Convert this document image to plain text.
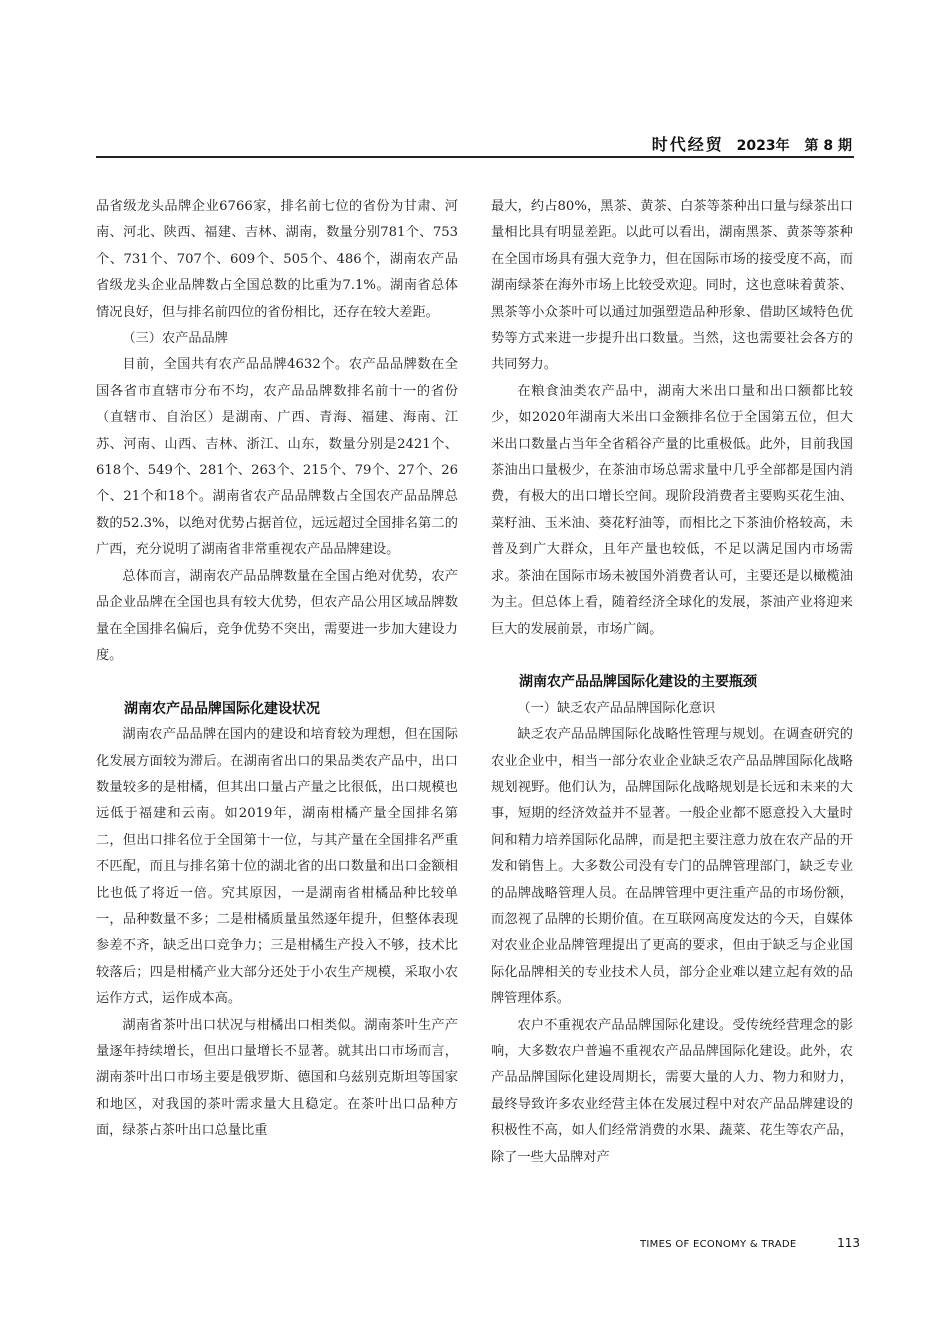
时代经贸 2023年 第 8 期

品省级龙头品牌企业6766家，排名前七位的省份为甘肃、河南、河北、陕西、福建、吉林、湖南，数量分别781个、753个、731个、707个、609个、505个、486个，湖南农产品省级龙头企业品牌数占全国总数的比重为7.1%。湖南省总体情况良好，但与排名前四位的省份相比，还存在较大差距。

（三）农产品品牌

目前，全国共有农产品品牌4632个。农产品品牌数在全国各省市直辖市分布不均，农产品品牌数排名前十一的省份（直辖市、自治区）是湖南、广西、青海、福建、海南、江苏、河南、山西、吉林、浙江、山东，数量分别是2421个、618个、549个、281个、263个、215个、79个、27个、26个、21个和18个。湖南省农产品品牌数占全国农产品品牌总数的52.3%，以绝对优势占据首位，远远超过全国排名第二的广西，充分说明了湖南省非常重视农产品品牌建设。

总体而言，湖南农产品品牌数量在全国占绝对优势，农产品企业品牌在全国也具有较大优势，但农产品公用区域品牌数量在全国排名偏后，竞争优势不突出，需要进一步加大建设力度。

湖南农产品品牌国际化建设状况

湖南农产品品牌在国内的建设和培育较为理想，但在国际化发展方面较为滞后。在湖南省出口的果品类农产品中，出口数量较多的是柑橘，但其出口量占产量之比很低，出口规模也远低于福建和云南。如2019年，湖南柑橘产量全国排名第二，但出口排名位于全国第十一位，与其产量在全国排名严重不匹配，而且与排名第十位的湖北省的出口数量和出口金额相比也低了将近一倍。究其原因，一是湖南省柑橘品种比较单一，品种数量不多；二是柑橘质量虽然逐年提升，但整体表现参差不齐，缺乏出口竞争力；三是柑橘生产投入不够，技术比较落后；四是柑橘产业大部分还处于小农生产规模，采取小农运作方式，运作成本高。

湖南省茶叶出口状况与柑橘出口相类似。湖南茶叶生产产量逐年持续增长，但出口量增长不显著。就其出口市场而言，湖南茶叶出口市场主要是俄罗斯、德国和乌兹别克斯坦等国家和地区，对我国的茶叶需求量大且稳定。在茶叶出口品种方面，绿茶占茶叶出口总量比重

最大，约占80%，黑茶、黄茶、白茶等茶种出口量与绿茶出口量相比具有明显差距。以此可以看出，湖南黑茶、黄茶等茶种在全国市场具有强大竞争力，但在国际市场的接受度不高，而湖南绿茶在海外市场上比较受欢迎。同时，这也意味着黄茶、黑茶等小众茶叶可以通过加强塑造品种形象、借助区域特色优势等方式来进一步提升出口数量。当然，这也需要社会各方的共同努力。

在粮食油类农产品中，湖南大米出口量和出口额都比较少，如2020年湖南大米出口金额排名位于全国第五位，但大米出口数量占当年全省稻谷产量的比重极低。此外，目前我国茶油出口量极少，在茶油市场总需求量中几乎全部都是国内消费，有极大的出口增长空间。现阶段消费者主要购买花生油、菜籽油、玉米油、葵花籽油等，而相比之下茶油价格较高，未普及到广大群众，且年产量也较低，不足以满足国内市场需求。茶油在国际市场未被国外消费者认可，主要还是以橄榄油为主。但总体上看，随着经济全球化的发展，茶油产业将迎来巨大的发展前景，市场广阔。

湖南农产品品牌国际化建设的主要瓶颈
（一）缺乏农产品品牌国际化意识

缺乏农产品品牌国际化战略性管理与规划。在调查研究的农业企业中，相当一部分农业企业缺乏农产品品牌国际化战略规划视野。他们认为，品牌国际化战略规划是长远和未来的大事，短期的经济效益并不显著。一般企业都不愿意投入大量时间和精力培养国际化品牌，而是把主要注意力放在农产品的开发和销售上。大多数公司没有专门的品牌管理部门，缺乏专业的品牌战略管理人员。在品牌管理中更注重产品的市场份额，而忽视了品牌的长期价值。在互联网高度发达的今天，自媒体对农业企业品牌管理提出了更高的要求，但由于缺乏与企业国际化品牌相关的专业技术人员，部分企业难以建立起有效的品牌管理体系。

农户不重视农产品品牌国际化建设。受传统经营理念的影响，大多数农户普遍不重视农产品品牌国际化建设。此外，农产品品牌国际化建设周期长，需要大量的人力、物力和财力，最终导致许多农业经营主体在发展过程中对农产品品牌建设的积极性不高，如人们经常消费的水果、蔬菜、花生等农产品，除了一些大品牌对产

TIMES OF ECONOMY & TRADE	113
